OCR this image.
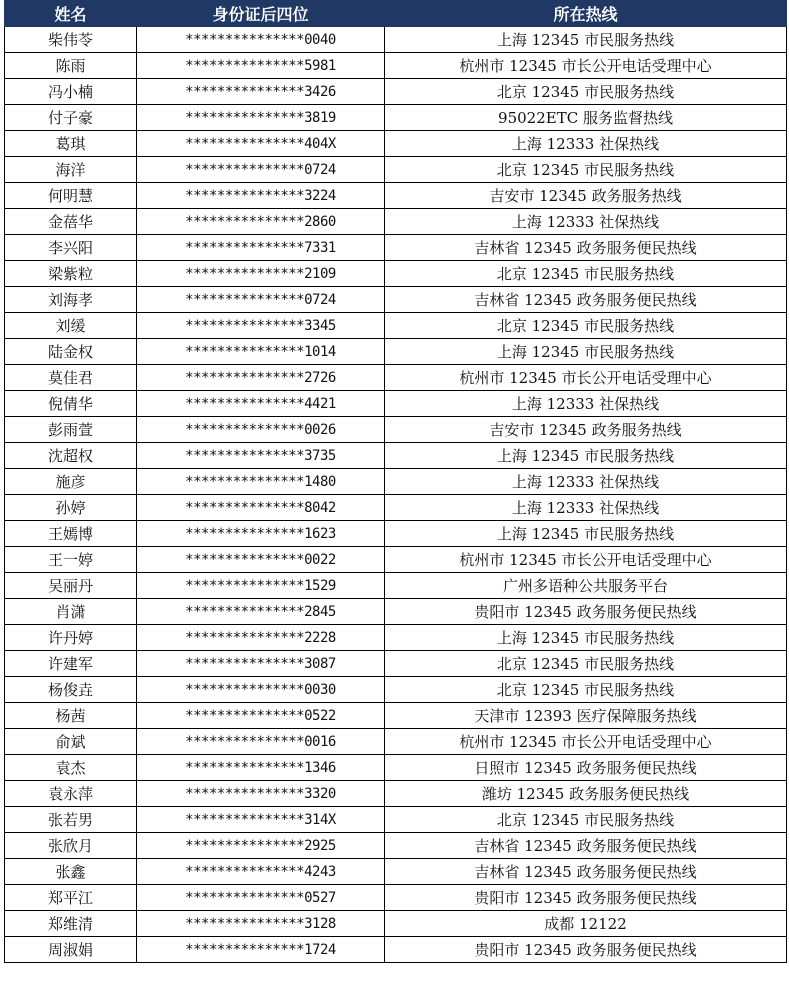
姓名	身份证后四位	所在热线
柴伟苓	***************0040	上海 12345 市民服务热线
陈雨	***************5981	杭州市 12345 市长公开电话受理中心
冯小楠	***************3426	北京 12345 市民服务热线
付子豪	***************3819	95022ETC 服务监督热线
葛琪	***************404X	上海 12333 社保热线
海洋	***************0724	北京 12345 市民服务热线
何明慧	***************3224	吉安市 12345 政务服务热线
金蓓华	***************2860	上海 12333 社保热线
李兴阳	***************7331	吉林省 12345 政务服务便民热线
梁紫粒	***************2109	北京 12345 市民服务热线
刘海孝	***************0724	吉林省 12345 政务服务便民热线
刘缓	***************3345	北京 12345 市民服务热线
陆金权	***************1014	上海 12345 市民服务热线
莫佳君	***************2726	杭州市 12345 市长公开电话受理中心
倪倩华	***************4421	上海 12333 社保热线
彭雨萱	***************0026	吉安市 12345 政务服务热线
沈超权	***************3735	上海 12345 市民服务热线
施彦	***************1480	上海 12333 社保热线
孙婷	***************8042	上海 12333 社保热线
王嫣博	***************1623	上海 12345 市民服务热线
王一婷	***************0022	杭州市 12345 市长公开电话受理中心
吴丽丹	***************1529	广州多语种公共服务平台
肖潇	***************2845	贵阳市 12345 政务服务便民热线
许丹婷	***************2228	上海 12345 市民服务热线
许建军	***************3087	北京 12345 市民服务热线
杨俊垚	***************0030	北京 12345 市民服务热线
杨茜	***************0522	天津市 12393 医疗保障服务热线
俞斌	***************0016	杭州市 12345 市长公开电话受理中心
袁杰	***************1346	日照市 12345 政务服务便民热线
袁永萍	***************3320	潍坊 12345 政务服务便民热线
张若男	***************314X	北京 12345 市民服务热线
张欣月	***************2925	吉林省 12345 政务服务便民热线
张鑫	***************4243	吉林省 12345 政务服务便民热线
郑平江	***************0527	贵阳市 12345 政务服务便民热线
郑维清	***************3128	成都 12122
周淑娟	***************1724	贵阳市 12345 政务服务便民热线
